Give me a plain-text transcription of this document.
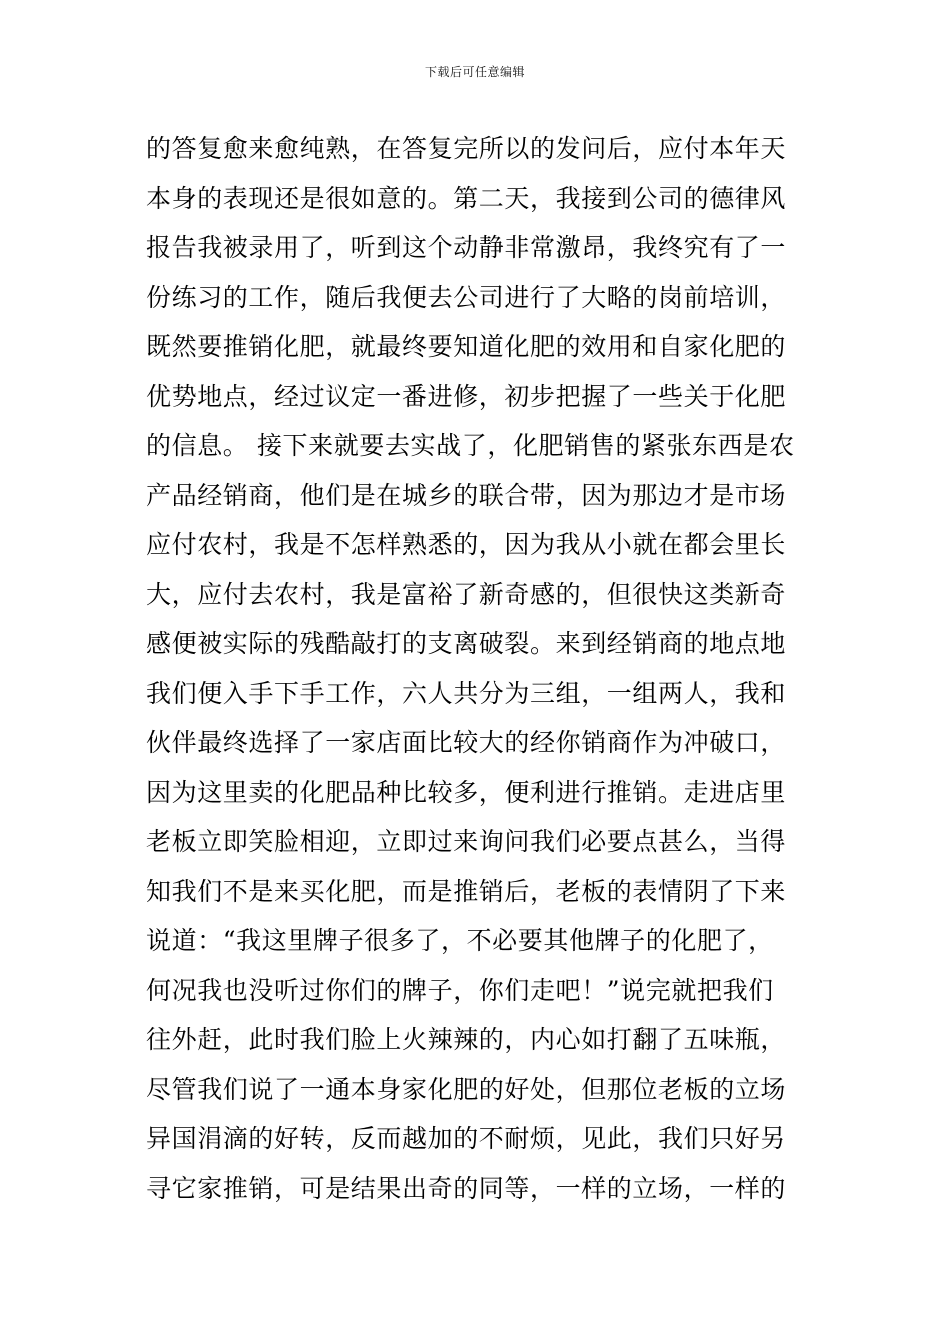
下载后可任意编辑
的答复愈来愈纯熟，在答复完所以的发问后，应付本年天
本身的表现还是很如意的。第二天，我接到公司的德律风
报告我被录用了，听到这个动静非常激昂，我终究有了一
份练习的工作，随后我便去公司进行了大略的岗前培训，
既然要推销化肥，就最终要知道化肥的效用和自家化肥的
优势地点，经过议定一番进修，初步把握了一些关于化肥
的信息。 接下来就要去实战了，化肥销售的紧张东西是农
产品经销商，他们是在城乡的联合带，因为那边才是市场
应付农村，我是不怎样熟悉的，因为我从小就在都会里长
大，应付去农村，我是富裕了新奇感的，但很快这类新奇
感便被实际的残酷敲打的支离破裂。来到经销商的地点地
我们便入手下手工作，六人共分为三组，一组两人，我和
伙伴最终选择了一家店面比较大的经你销商作为冲破口，
因为这里卖的化肥品种比较多，便利进行推销。走进店里
老板立即笑脸相迎，立即过来询问我们必要点甚么，当得
知我们不是来买化肥，而是推销后，老板的表情阴了下来
说道：“我这里牌子很多了，不必要其他牌子的化肥了，
何况我也没听过你们的牌子，你们走吧！”说完就把我们
往外赶，此时我们脸上火辣辣的，内心如打翻了五味瓶，
尽管我们说了一通本身家化肥的好处，但那位老板的立场
异国涓滴的好转，反而越加的不耐烦，见此，我们只好另
寻它家推销，可是结果出奇的同等，一样的立场，一样的
